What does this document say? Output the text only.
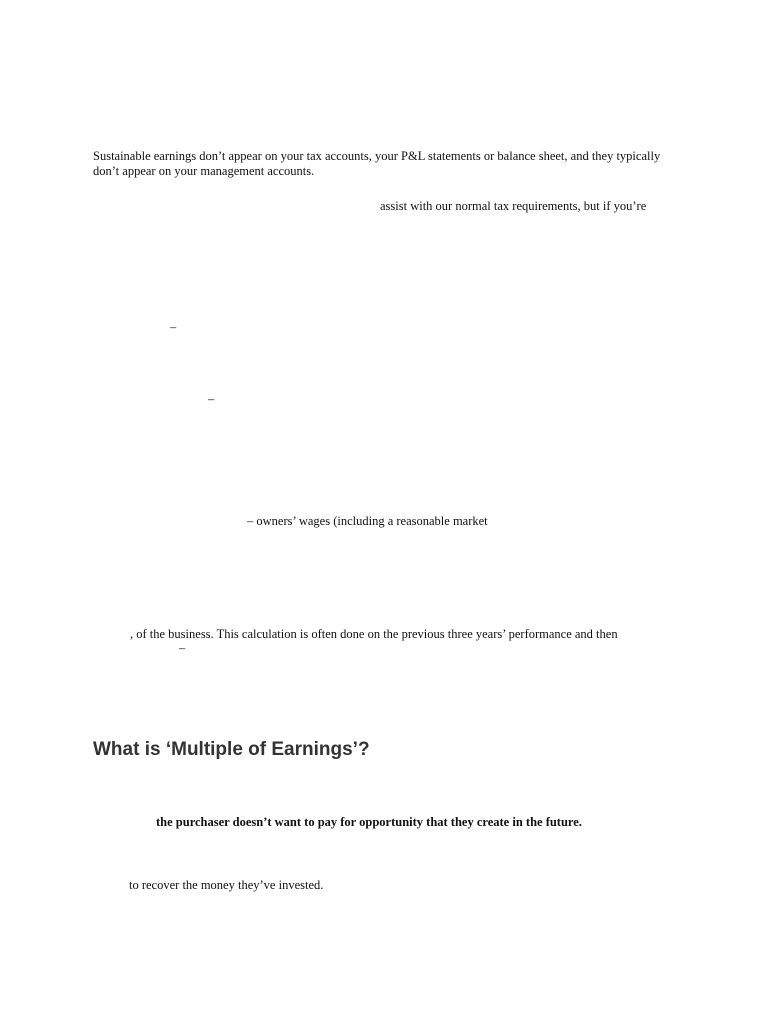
Sustainable earnings don’t appear on your tax accounts, your P&L statements or balance sheet, and they typically don’t appear on your management accounts.

assist with our normal tax requirements, but if you’re
–
–
– owners’ wages (including a reasonable market
, of the business. This calculation is often done on the previous three years’ performance and then
–
What is ‘Multiple of Earnings’?
the purchaser doesn’t want to pay for opportunity that they create in the future.
to recover the money they’ve invested.
